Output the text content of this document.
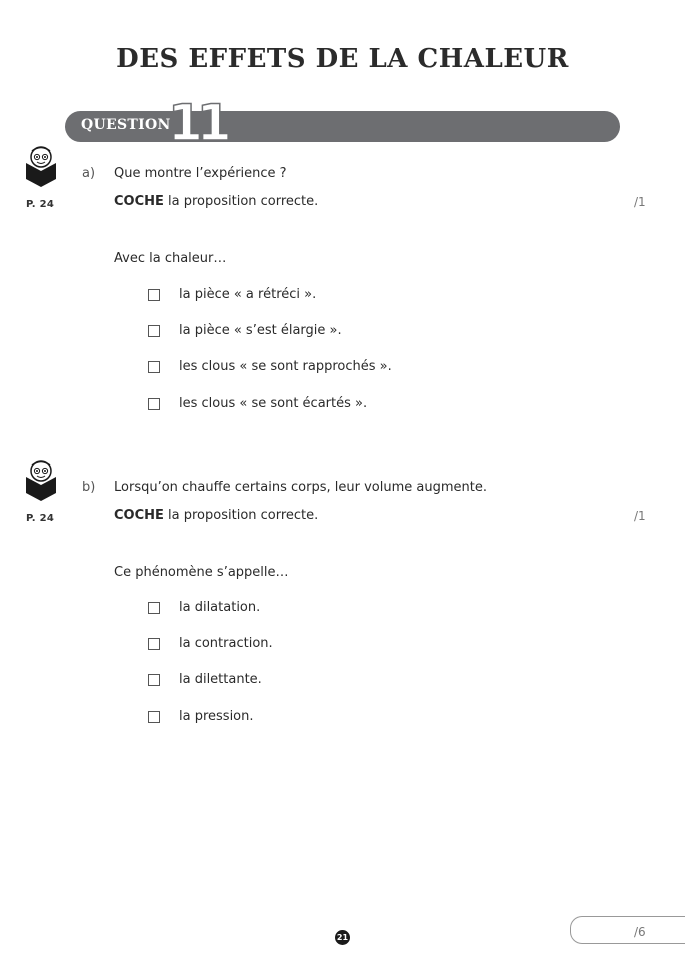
DES EFFETS DE LA CHALEUR
QUESTION
11
P. 24
a) Que montre l’expérience ?
COCHE la proposition correcte.	/1
Avec la chaleur…
la pièce « a rétréci ».
la pièce « s’est élargie ».
les clous « se sont rapprochés ».
les clous « se sont écartés ».
P. 24
b) Lorsqu’on chauffe certains corps, leur volume augmente.
COCHE la proposition correcte.	/1
Ce phénomène s’appelle…
la dilatation.
la contraction.
la dilettante.
la pression.
21	/6
